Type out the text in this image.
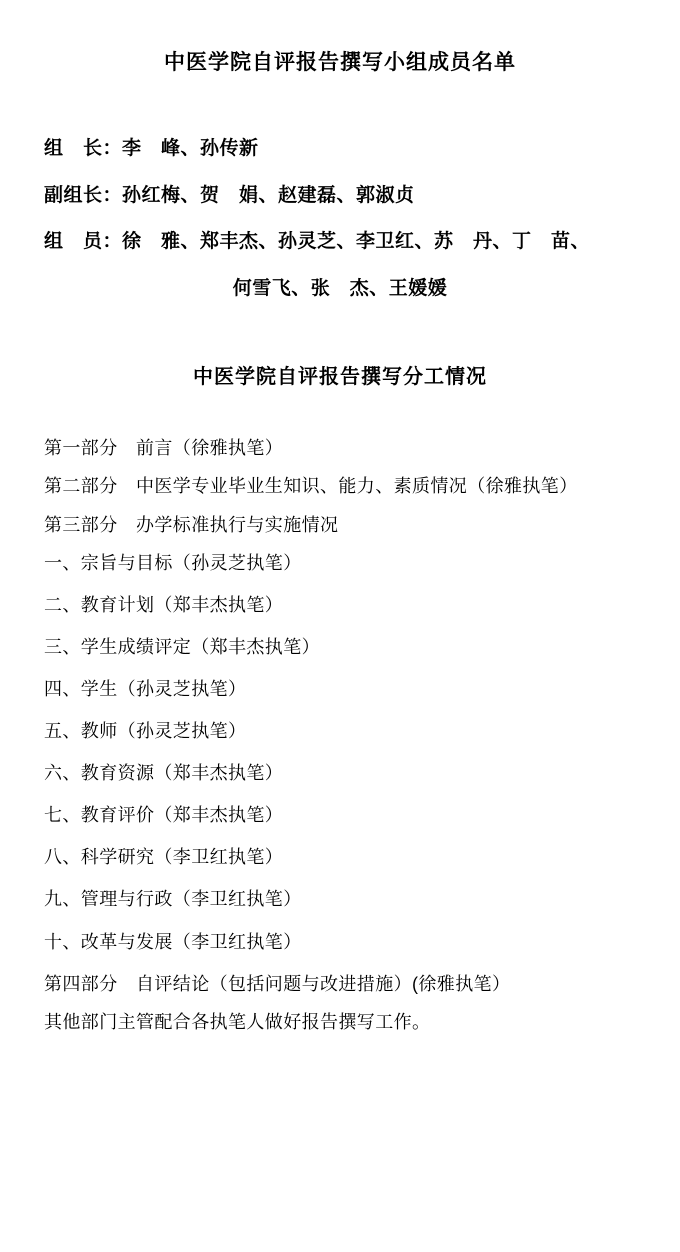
中医学院自评报告撰写小组成员名单
组　长：李　峰、孙传新
副组长：孙红梅、贺　娟、赵建磊、郭淑贞
组　员：徐　雅、郑丰杰、孙灵芝、李卫红、苏　丹、丁　苗、
何雪飞、张　杰、王媛媛
中医学院自评报告撰写分工情况
第一部分　前言（徐雅执笔）
第二部分　中医学专业毕业生知识、能力、素质情况（徐雅执笔）
第三部分　办学标准执行与实施情况
一、宗旨与目标（孙灵芝执笔）
二、教育计划（郑丰杰执笔）
三、学生成绩评定（郑丰杰执笔）
四、学生（孙灵芝执笔）
五、教师（孙灵芝执笔）
六、教育资源（郑丰杰执笔）
七、教育评价（郑丰杰执笔）
八、科学研究（李卫红执笔）
九、管理与行政（李卫红执笔）
十、改革与发展（李卫红执笔）
第四部分　自评结论（包括问题与改进措施）(徐雅执笔）
其他部门主管配合各执笔人做好报告撰写工作。
